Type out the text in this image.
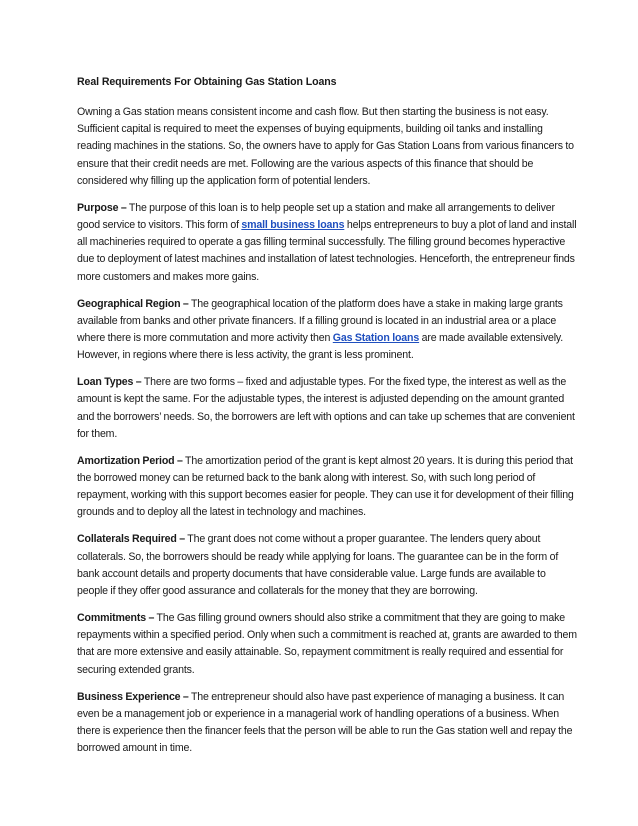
Real Requirements For Obtaining Gas Station Loans

Owning a Gas station means consistent income and cash flow. But then starting the business is not easy. Sufficient capital is required to meet the expenses of buying equipments, building oil tanks and installing reading machines in the stations. So, the owners have to apply for Gas Station Loans from various financers to ensure that their credit needs are met. Following are the various aspects of this finance that should be considered why filling up the application form of potential lenders.

Purpose – The purpose of this loan is to help people set up a station and make all arrangements to deliver good service to visitors. This form of small business loans helps entrepreneurs to buy a plot of land and install all machineries required to operate a gas filling terminal successfully. The filling ground becomes hyperactive due to deployment of latest machines and installation of latest technologies. Henceforth, the entrepreneur finds more customers and makes more gains.

Geographical Region – The geographical location of the platform does have a stake in making large grants available from banks and other private financers. If a filling ground is located in an industrial area or a place where there is more commutation and more activity then Gas Station loans are made available extensively. However, in regions where there is less activity, the grant is less prominent.

Loan Types – There are two forms – fixed and adjustable types. For the fixed type, the interest as well as the amount is kept the same. For the adjustable types, the interest is adjusted depending on the amount granted and the borrowers’ needs. So, the borrowers are left with options and can take up schemes that are convenient for them.

Amortization Period – The amortization period of the grant is kept almost 20 years. It is during this period that the borrowed money can be returned back to the bank along with interest. So, with such long period of repayment, working with this support becomes easier for people. They can use it for development of their filling grounds and to deploy all the latest in technology and machines.

Collaterals Required – The grant does not come without a proper guarantee. The lenders query about collaterals. So, the borrowers should be ready while applying for loans. The guarantee can be in the form of bank account details and property documents that have considerable value. Large funds are available to people if they offer good assurance and collaterals for the money that they are borrowing.

Commitments – The Gas filling ground owners should also strike a commitment that they are going to make repayments within a specified period. Only when such a commitment is reached at, grants are awarded to them that are more extensive and easily attainable. So, repayment commitment is really required and essential for securing extended grants.

Business Experience – The entrepreneur should also have past experience of managing a business. It can even be a management job or experience in a managerial work of handling operations of a business. When there is experience then the financer feels that the person will be able to run the Gas station well and repay the borrowed amount in time.
